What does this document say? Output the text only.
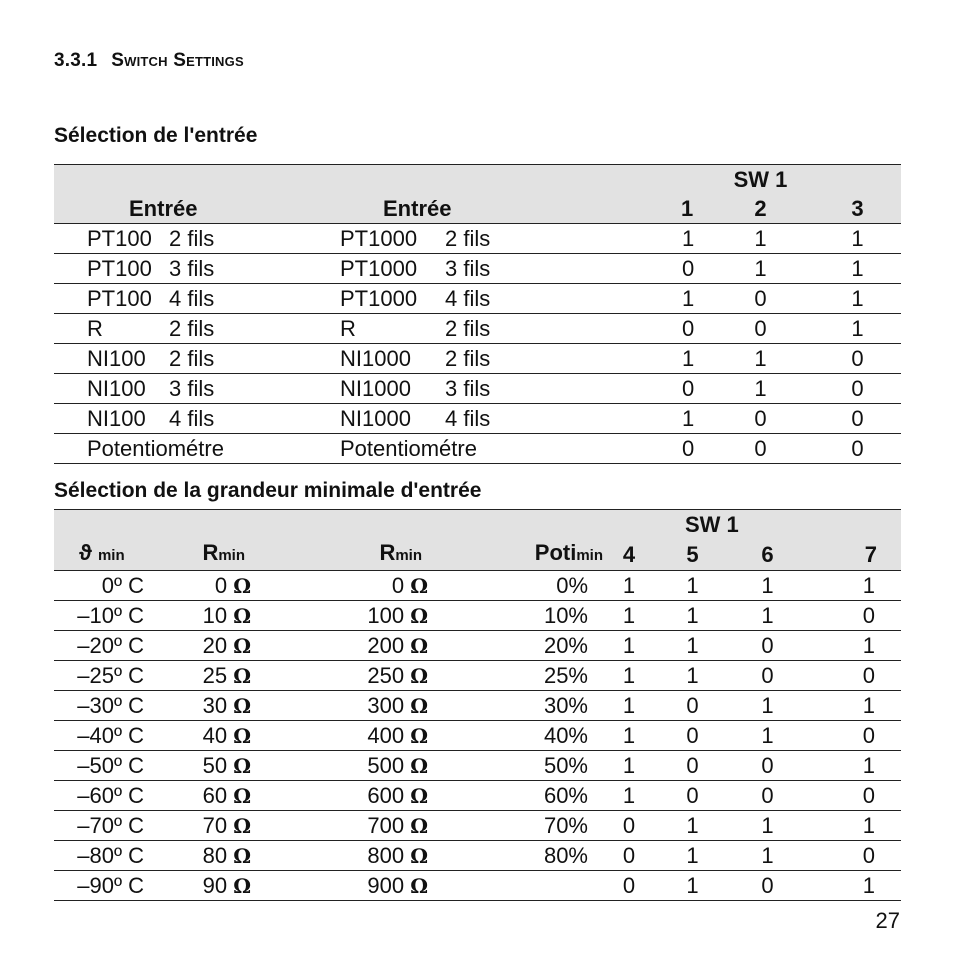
3.3.1 Switch Settings
Sélection de l'entrée
				SW 1	
	Entrée	Entrée	1	2	3
	PT100 2 fils	PT1000 2 fils	1	1	1
	PT100 3 fils	PT1000 3 fils	0	1	1
	PT100 4 fils	PT1000 4 fils	1	0	1
	R 2 fils	R 2 fils	0	0	1
	NI100 2 fils	NI1000 2 fils	1	1	0
	NI100 3 fils	NI1000 3 fils	0	1	0
	NI100 4 fils	NI1000 4 fils	1	0	0
	Potentiométre	Potentiométre	0	0	0
Sélection de la grandeur minimale d'entrée
					SW 1		
ϑ min	Rmin	Rmin	Potimin	4	5	6	7
0º C	0 Ω	0 Ω	0%	1	1	1	1
–10º C	10 Ω	100 Ω	10%	1	1	1	0
–20º C	20 Ω	200 Ω	20%	1	1	0	1
–25º C	25 Ω	250 Ω	25%	1	1	0	0
–30º C	30 Ω	300 Ω	30%	1	0	1	1
–40º C	40 Ω	400 Ω	40%	1	0	1	0
–50º C	50 Ω	500 Ω	50%	1	0	0	1
–60º C	60 Ω	600 Ω	60%	1	0	0	0
–70º C	70 Ω	700 Ω	70%	0	1	1	1
–80º C	80 Ω	800 Ω	80%	0	1	1	0
–90º C	90 Ω	900 Ω		0	1	0	1
27
